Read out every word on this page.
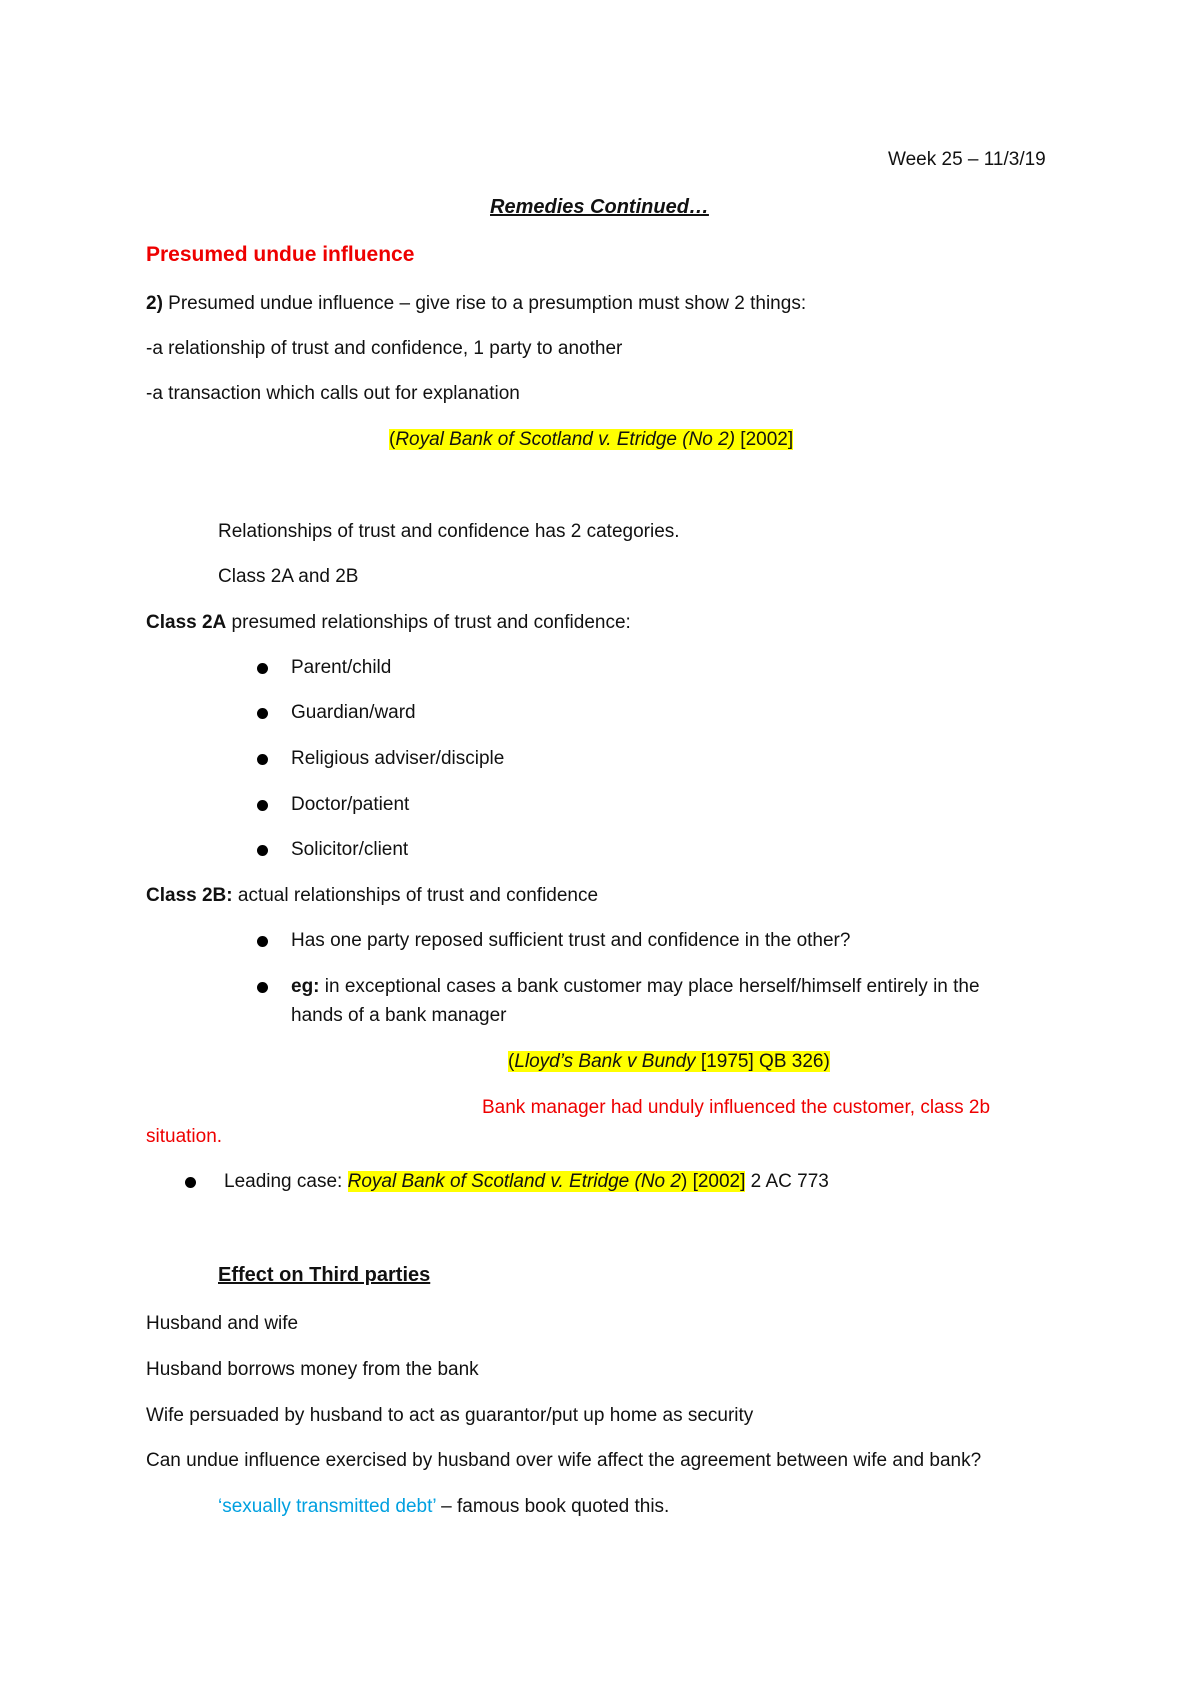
Week 25 – 11/3/19
Remedies Continued…
Presumed undue influence
2) Presumed undue influence – give rise to a presumption must show 2 things:
-a relationship of trust and confidence, 1 party to another
-a transaction which calls out for explanation
(Royal Bank of Scotland v. Etridge (No 2) [2002]
Relationships of trust and confidence has 2 categories.
Class 2A and 2B
Class 2A presumed relationships of trust and confidence:
Parent/child
Guardian/ward
Religious adviser/disciple
Doctor/patient
Solicitor/client
Class 2B: actual relationships of trust and confidence
Has one party reposed sufficient trust and confidence in the other?
eg: in exceptional cases a bank customer may place herself/himself entirely in the
hands of a bank manager
(Lloyd’s Bank v Bundy [1975] QB 326)
Bank manager had unduly influenced the customer, class 2b
situation.
Leading case: Royal Bank of Scotland v. Etridge (No 2) [2002] 2 AC 773
Effect on Third parties
Husband and wife
Husband borrows money from the bank
Wife persuaded by husband to act as guarantor/put up home as security
Can undue influence exercised by husband over wife affect the agreement between wife and bank?
‘sexually transmitted debt’ – famous book quoted this.
